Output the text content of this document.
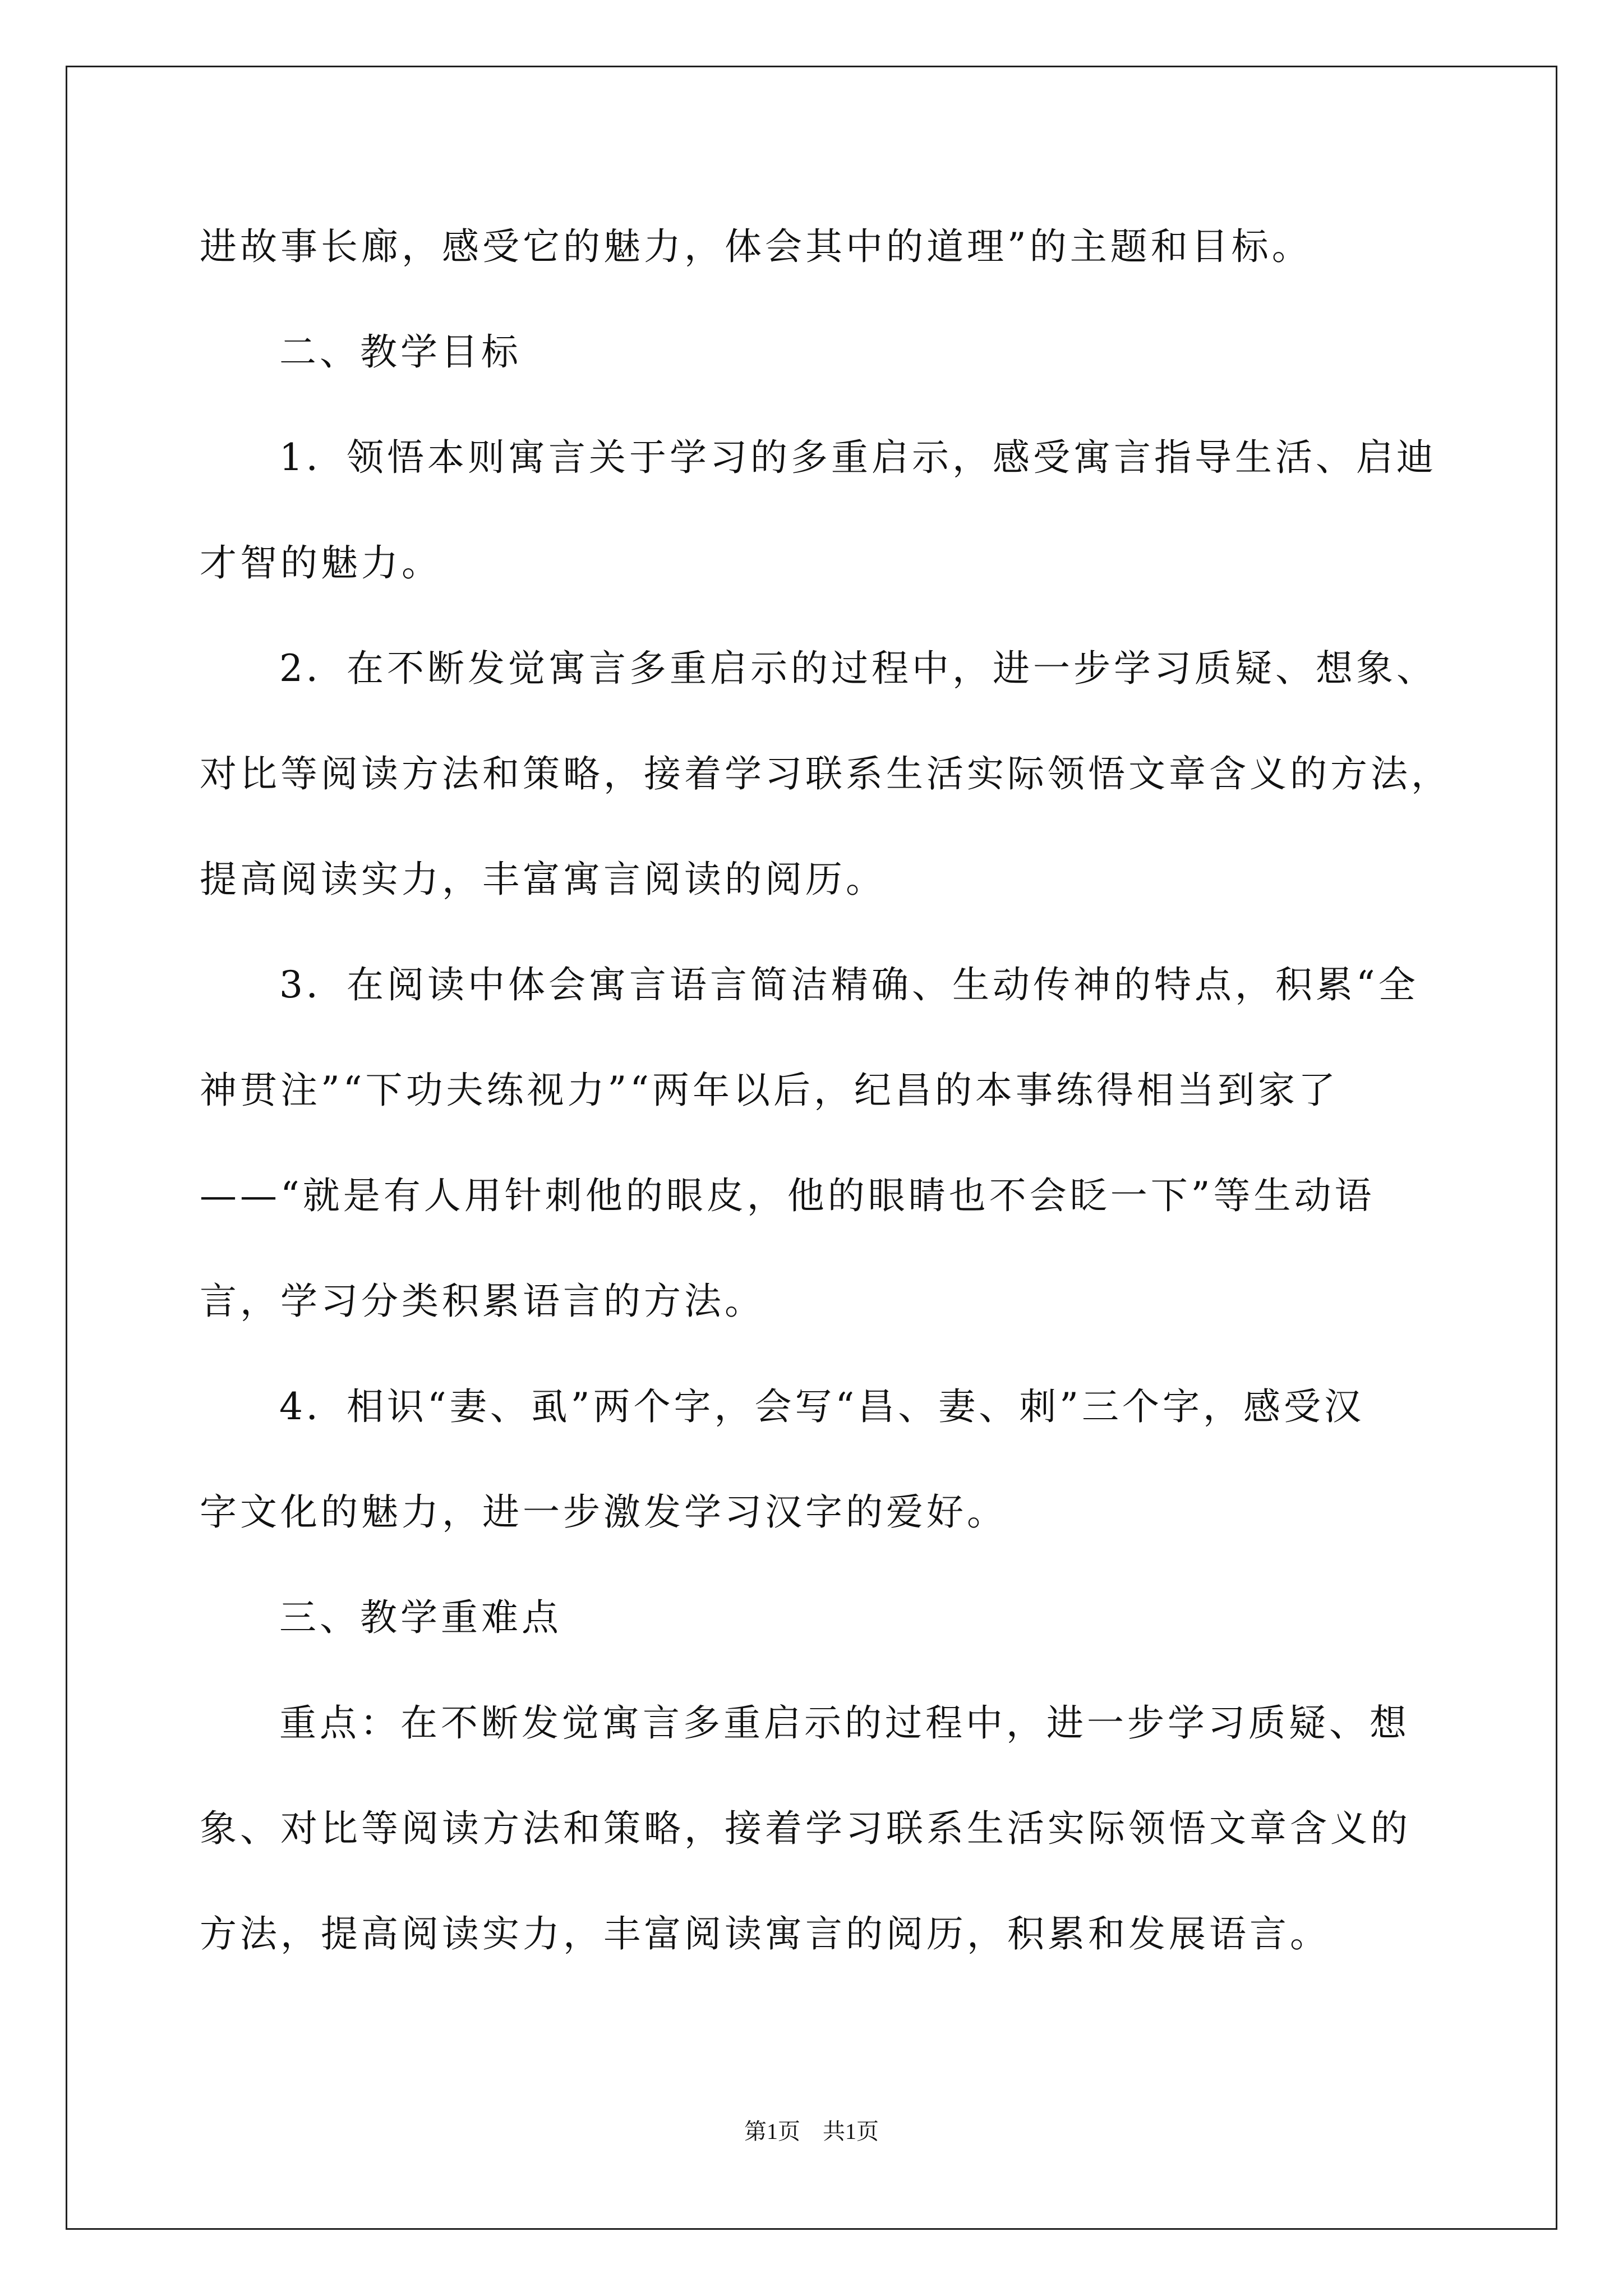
进故事长廊，感受它的魅力，体会其中的道理”的主题和目标。
二、教学目标
1．领悟本则寓言关于学习的多重启示，感受寓言指导生活、启迪
才智的魅力。
2．在不断发觉寓言多重启示的过程中，进一步学习质疑、想象、
对比等阅读方法和策略，接着学习联系生活实际领悟文章含义的方法，
提高阅读实力，丰富寓言阅读的阅历。
3．在阅读中体会寓言语言简洁精确、生动传神的特点，积累“全
神贯注”“下功夫练视力”“两年以后，纪昌的本事练得相当到家了
——“就是有人用针刺他的眼皮，他的眼睛也不会眨一下”等生动语
言，学习分类积累语言的方法。
4．相识“妻、虱”两个字，会写“昌、妻、刺”三个字，感受汉
字文化的魅力，进一步激发学习汉字的爱好。
三、教学重难点
重点：在不断发觉寓言多重启示的过程中，进一步学习质疑、想
象、对比等阅读方法和策略，接着学习联系生活实际领悟文章含义的
方法，提高阅读实力，丰富阅读寓言的阅历，积累和发展语言。
第1页　共1页
